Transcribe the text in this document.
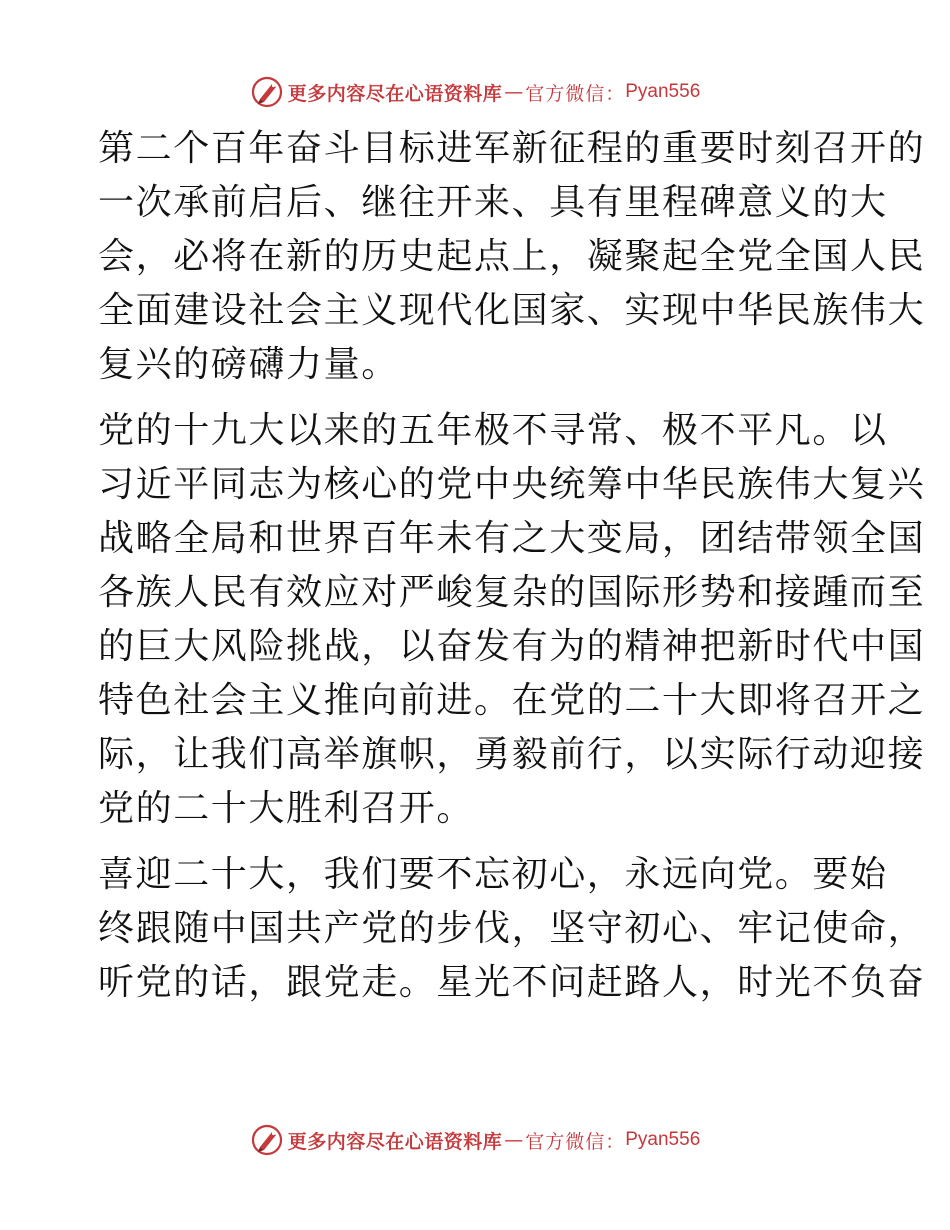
更多内容尽在心语资料库 — 官方微信： Pyan556

第二个百年奋斗目标进军新征程的重要时刻召开的
一次承前启后、继往开来、具有里程碑意义的大
会，必将在新的历史起点上，凝聚起全党全国人民
全面建设社会主义现代化国家、实现中华民族伟大
复兴的磅礴力量。

党的十九大以来的五年极不寻常、极不平凡。以
习近平同志为核心的党中央统筹中华民族伟大复兴
战略全局和世界百年未有之大变局，团结带领全国
各族人民有效应对严峻复杂的国际形势和接踵而至
的巨大风险挑战，以奋发有为的精神把新时代中国
特色社会主义推向前进。在党的二十大即将召开之
际，让我们高举旗帜，勇毅前行，以实际行动迎接
党的二十大胜利召开。

喜迎二十大，我们要不忘初心，永远向党。要始
终跟随中国共产党的步伐，坚守初心、牢记使命，
听党的话，跟党走。星光不问赶路人，时光不负奋

更多内容尽在心语资料库 — 官方微信： Pyan556
